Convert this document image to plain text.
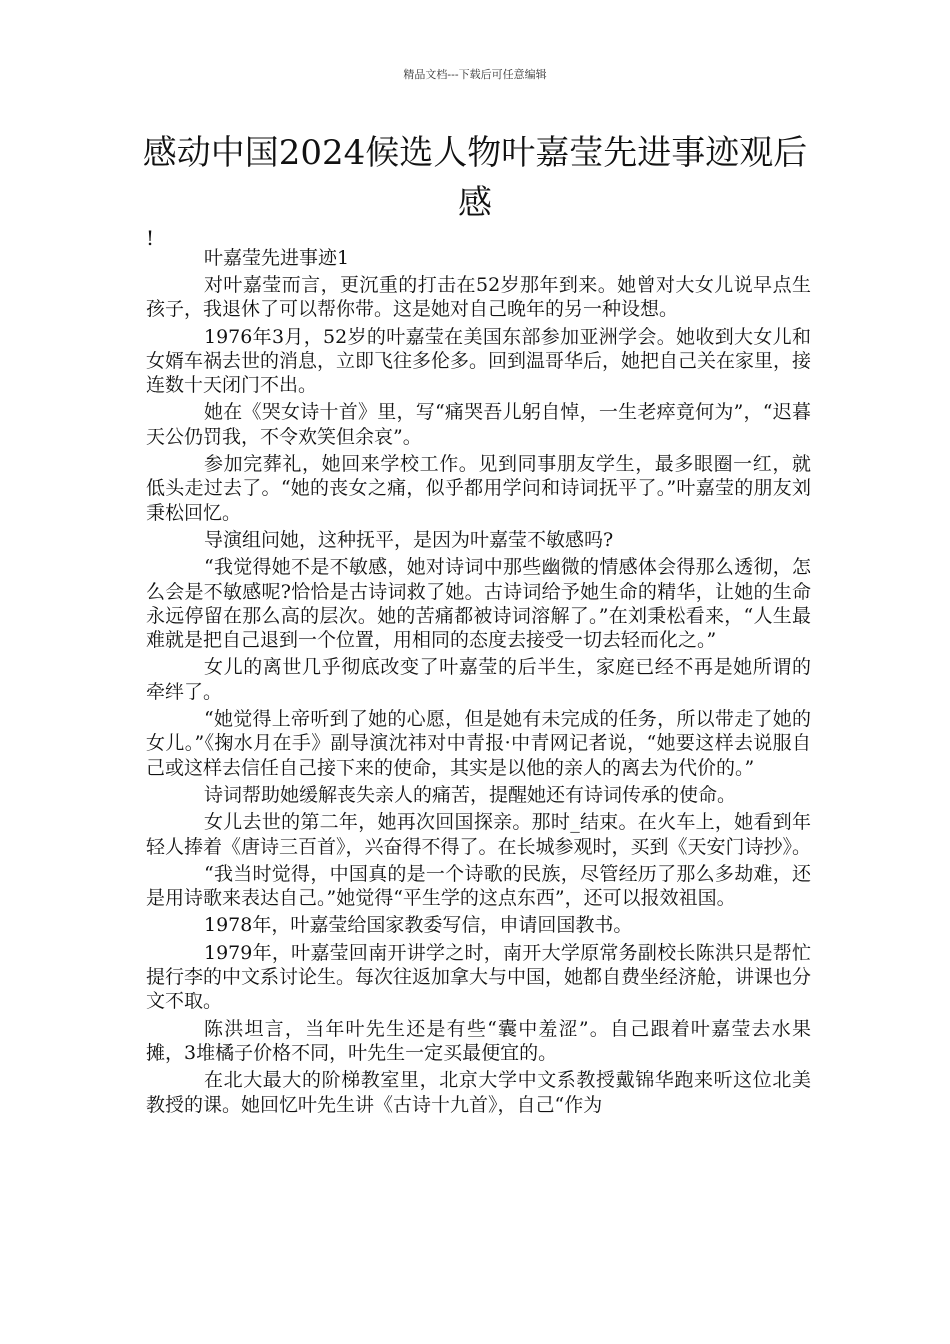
精品文档---下载后可任意编辑
感动中国2024候选人物叶嘉莹先进事迹观后感
!

叶嘉莹先进事迹1

对叶嘉莹而言，更沉重的打击在52岁那年到来。她曾对大女儿说早点生孩子，我退休了可以帮你带。这是她对自己晚年的另一种设想。

1976年3月，52岁的叶嘉莹在美国东部参加亚洲学会。她收到大女儿和女婿车祸去世的消息，立即飞往多伦多。回到温哥华后，她把自己关在家里，接连数十天闭门不出。

她在《哭女诗十首》里，写“痛哭吾儿躬自悼，一生老瘁竟何为”，“迟暮天公仍罚我，不令欢笑但余哀”。

参加完葬礼，她回来学校工作。见到同事朋友学生，最多眼圈一红，就低头走过去了。“她的丧女之痛，似乎都用学问和诗词抚平了。”叶嘉莹的朋友刘秉松回忆。

导演组问她，这种抚平，是因为叶嘉莹不敏感吗?

“我觉得她不是不敏感，她对诗词中那些幽微的情感体会得那么透彻，怎么会是不敏感呢?恰恰是古诗词救了她。古诗词给予她生命的精华，让她的生命永远停留在那么高的层次。她的苦痛都被诗词溶解了。”在刘秉松看来，“人生最难就是把自己退到一个位置，用相同的态度去接受一切去轻而化之。”

女儿的离世几乎彻底改变了叶嘉莹的后半生，家庭已经不再是她所谓的牵绊了。

“她觉得上帝听到了她的心愿，但是她有未完成的任务，所以带走了她的女儿。”《掬水月在手》副导演沈祎对中青报·中青网记者说，“她要这样去说服自己或这样去信任自己接下来的使命，其实是以他的亲人的离去为代价的。”

诗词帮助她缓解丧失亲人的痛苦，提醒她还有诗词传承的使命。

女儿去世的第二年，她再次回国探亲。那时_结束。在火车上，她看到年轻人捧着《唐诗三百首》，兴奋得不得了。在长城参观时，买到《天安门诗抄》。

“我当时觉得，中国真的是一个诗歌的民族，尽管经历了那么多劫难，还是用诗歌来表达自己。”她觉得“平生学的这点东西”，还可以报效祖国。

1978年，叶嘉莹给国家教委写信，申请回国教书。

1979年，叶嘉莹回南开讲学之时，南开大学原常务副校长陈洪只是帮忙提行李的中文系讨论生。每次往返加拿大与中国，她都自费坐经济舱，讲课也分文不取。

陈洪坦言，当年叶先生还是有些“囊中羞涩”。自己跟着叶嘉莹去水果摊，3堆橘子价格不同，叶先生一定买最便宜的。

在北大最大的阶梯教室里，北京大学中文系教授戴锦华跑来听这位北美教授的课。她回忆叶先生讲《古诗十九首》，自己“作为
